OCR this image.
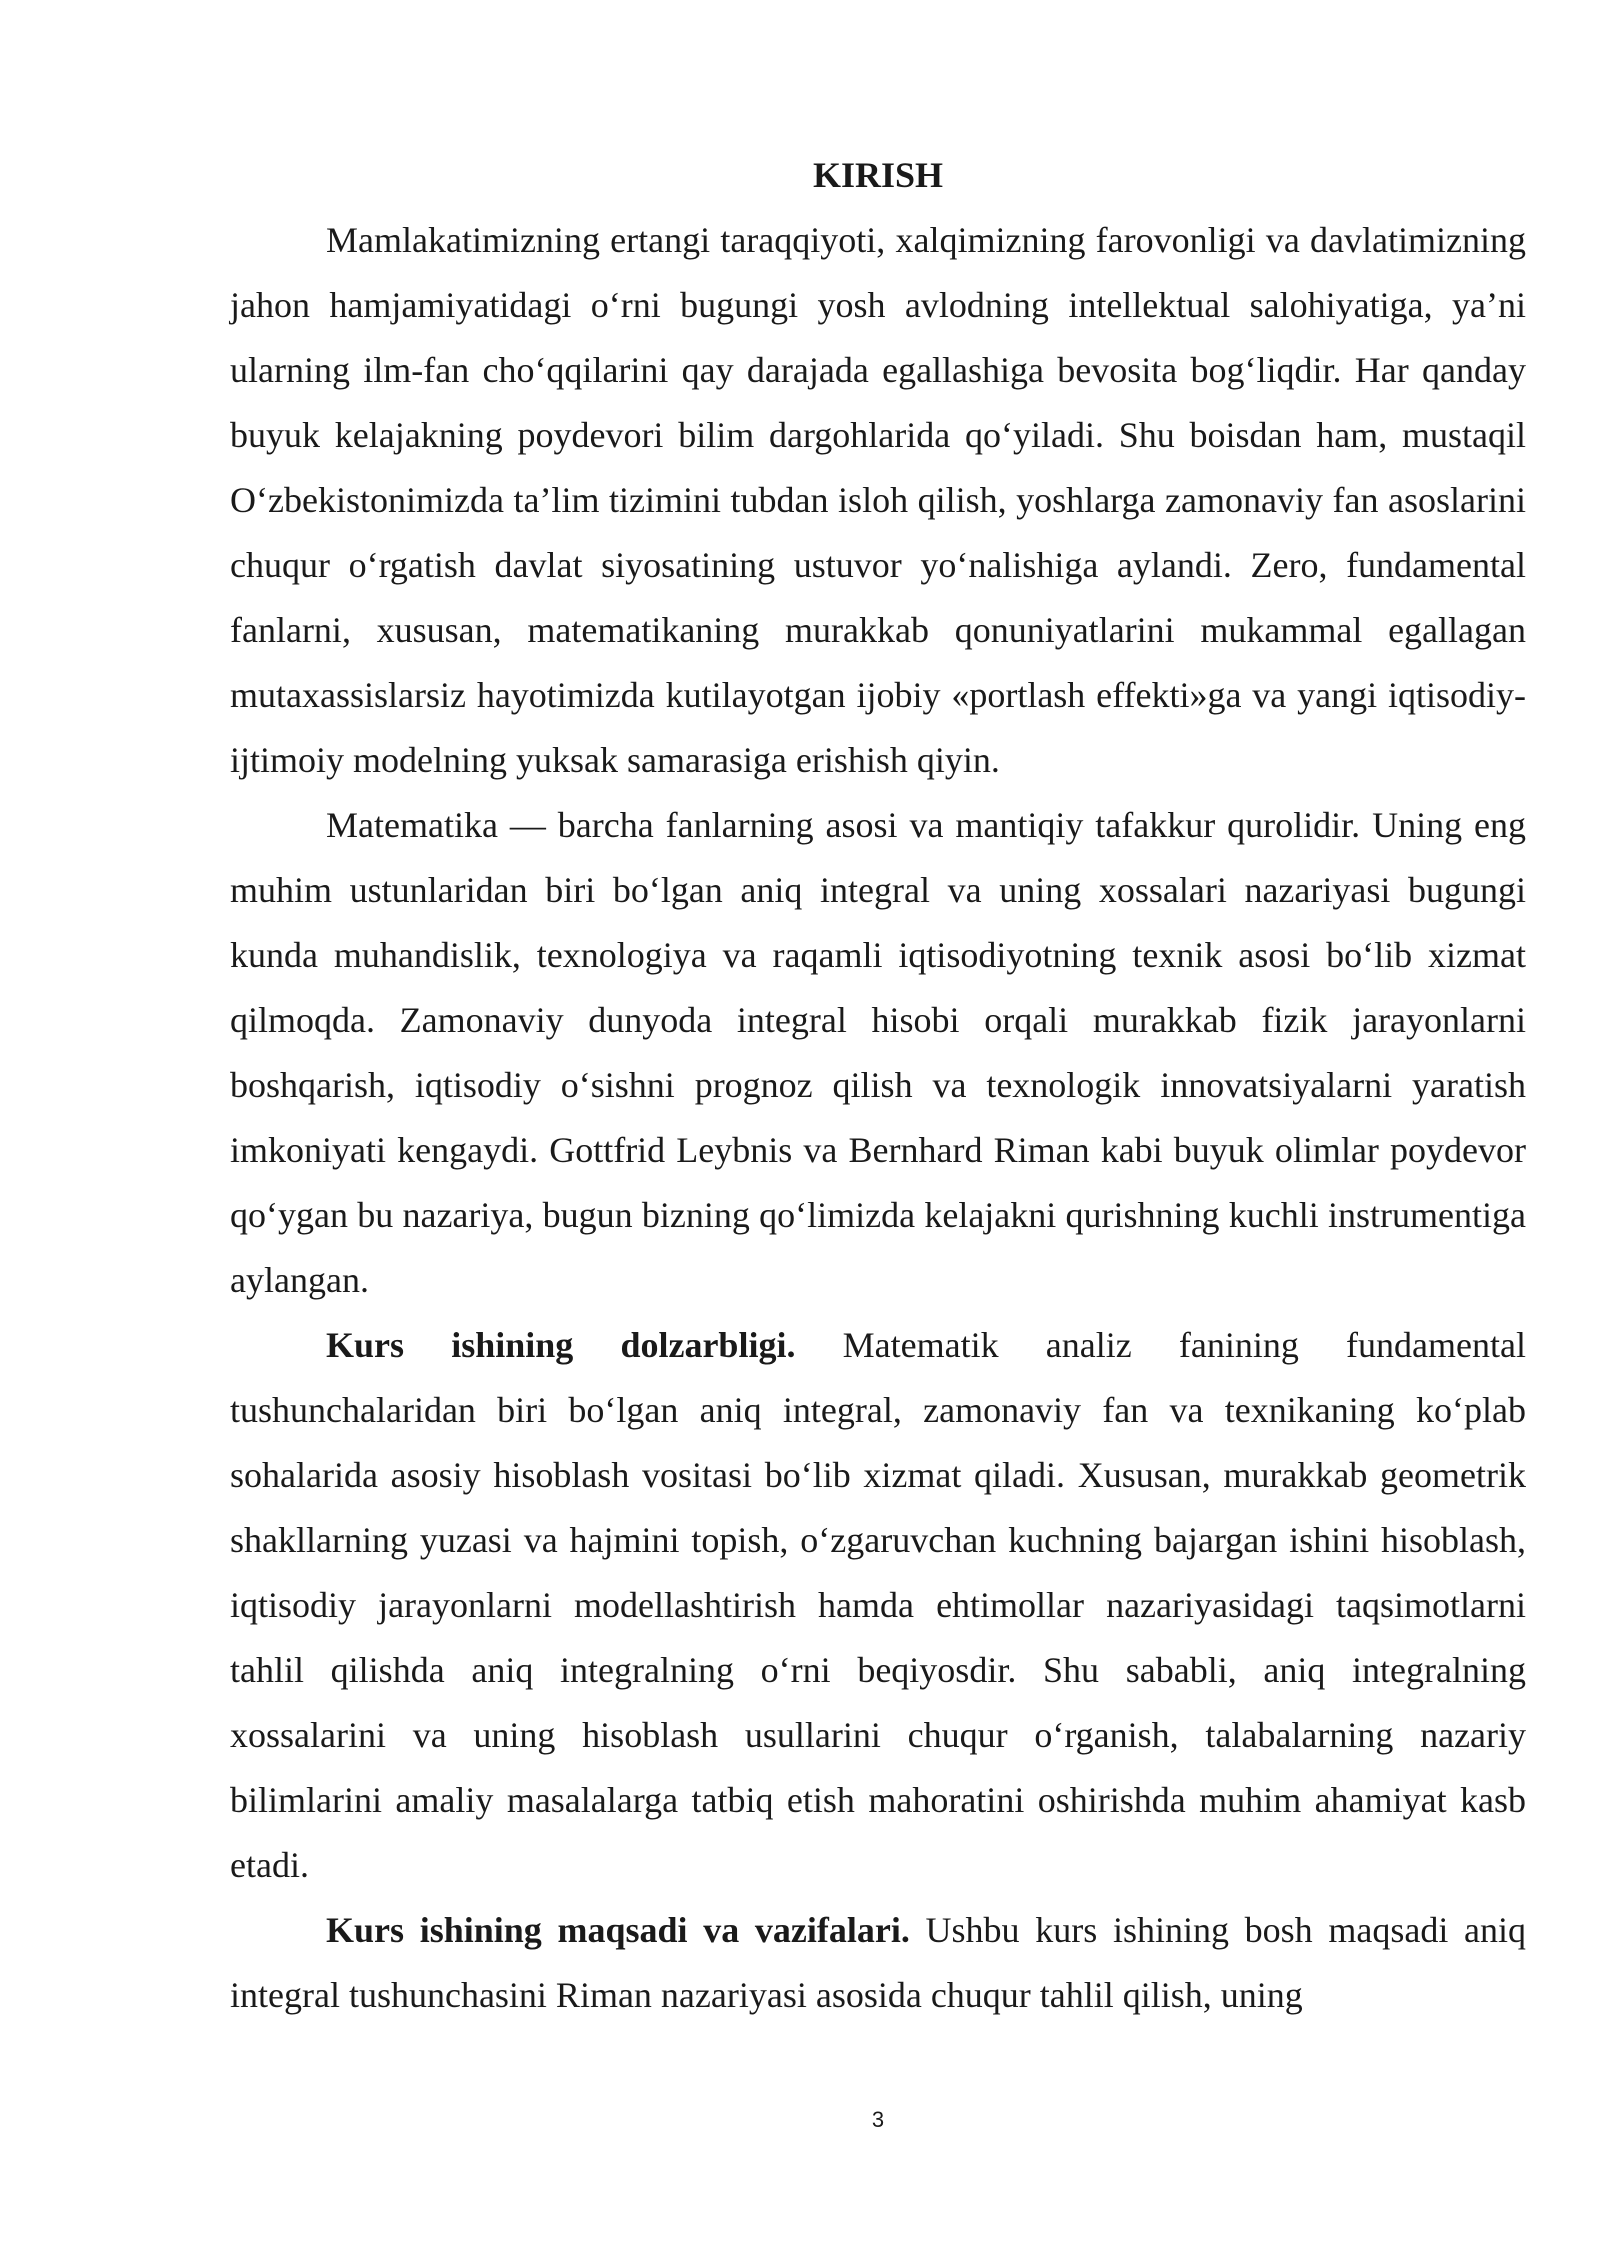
KIRISH

Mamlakatimizning ertangi taraqqiyoti, xalqimizning farovonligi va davlatimizning jahon hamjamiyatidagi o‘rni bugungi yosh avlodning intellektual salohiyatiga, ya’ni ularning ilm-fan cho‘qqilarini qay darajada egallashiga bevosita bog‘liqdir. Har qanday buyuk kelajakning poydevori bilim dargohlarida qo‘yiladi. Shu boisdan ham, mustaqil O‘zbekistonimizda ta’lim tizimini tubdan isloh qilish, yoshlarga zamonaviy fan asoslarini chuqur o‘rgatish davlat siyosatining ustuvor yo‘nalishiga aylandi. Zero, fundamental fanlarni, xususan, matematikaning murakkab qonuniyatlarini mukammal egallagan mutaxassislarsiz hayotimizda kutilayotgan ijobiy «portlash effekti»ga va yangi iqtisodiy-ijtimoiy modelning yuksak samarasiga erishish qiyin.

Matematika — barcha fanlarning asosi va mantiqiy tafakkur qurolidir. Uning eng muhim ustunlaridan biri bo‘lgan aniq integral va uning xossalari nazariyasi bugungi kunda muhandislik, texnologiya va raqamli iqtisodiyotning texnik asosi bo‘lib xizmat qilmoqda. Zamonaviy dunyoda integral hisobi orqali murakkab fizik jarayonlarni boshqarish, iqtisodiy o‘sishni prognoz qilish va texnologik innovatsiyalarni yaratish imkoniyati kengaydi. Gottfrid Leybnis va Bernhard Riman kabi buyuk olimlar poydevor qo‘ygan bu nazariya, bugun bizning qo‘limizda kelajakni qurishning kuchli instrumentiga aylangan.

Kurs ishining dolzarbligi. Matematik analiz fanining fundamental tushunchalaridan biri bo‘lgan aniq integral, zamonaviy fan va texnikaning ko‘plab sohalarida asosiy hisoblash vositasi bo‘lib xizmat qiladi. Xususan, murakkab geometrik shakllarning yuzasi va hajmini topish, o‘zgaruvchan kuchning bajargan ishini hisoblash, iqtisodiy jarayonlarni modellashtirish hamda ehtimollar nazariyasidagi taqsimotlarni tahlil qilishda aniq integralning o‘rni beqiyosdir. Shu sababli, aniq integralning xossalarini va uning hisoblash usullarini chuqur o‘rganish, talabalarning nazariy bilimlarini amaliy masalalarga tatbiq etish mahoratini oshirishda muhim ahamiyat kasb etadi.

Kurs ishining maqsadi va vazifalari. Ushbu kurs ishining bosh maqsadi aniq integral tushunchasini Riman nazariyasi asosida chuqur tahlil qilish, uning

3
